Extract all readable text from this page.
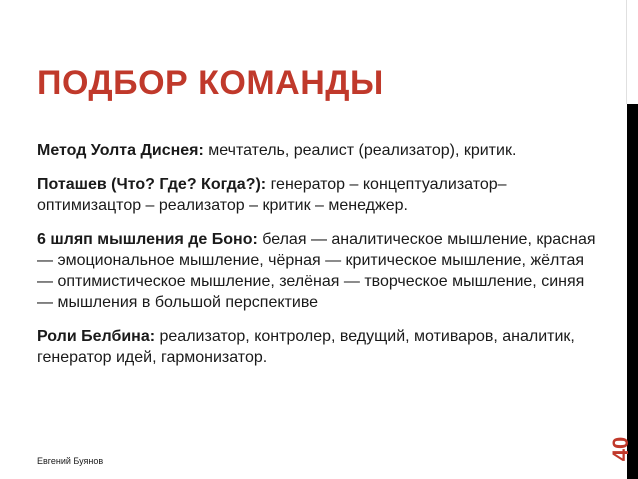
ПОДБОР КОМАНДЫ

Метод Уолта Диснея: мечтатель, реалист (реализатор), критик.

Поташев (Что? Где? Когда?): генератор – концептуализатор–оптимизацтор – реализатор – критик – менеджер.

6 шляп мышления де Боно: белая — аналитическое мышление, красная — эмоциональное мышление, чёрная — критическое мышление, жёлтая — оптимистическое мышление, зелёная — творческое мышление, синяя — мышления в большой перспективе

Роли Белбина: реализатор, контролер, ведущий, мотиваров, аналитик, генератор идей, гармонизатор.

Евгений Буянов	40
